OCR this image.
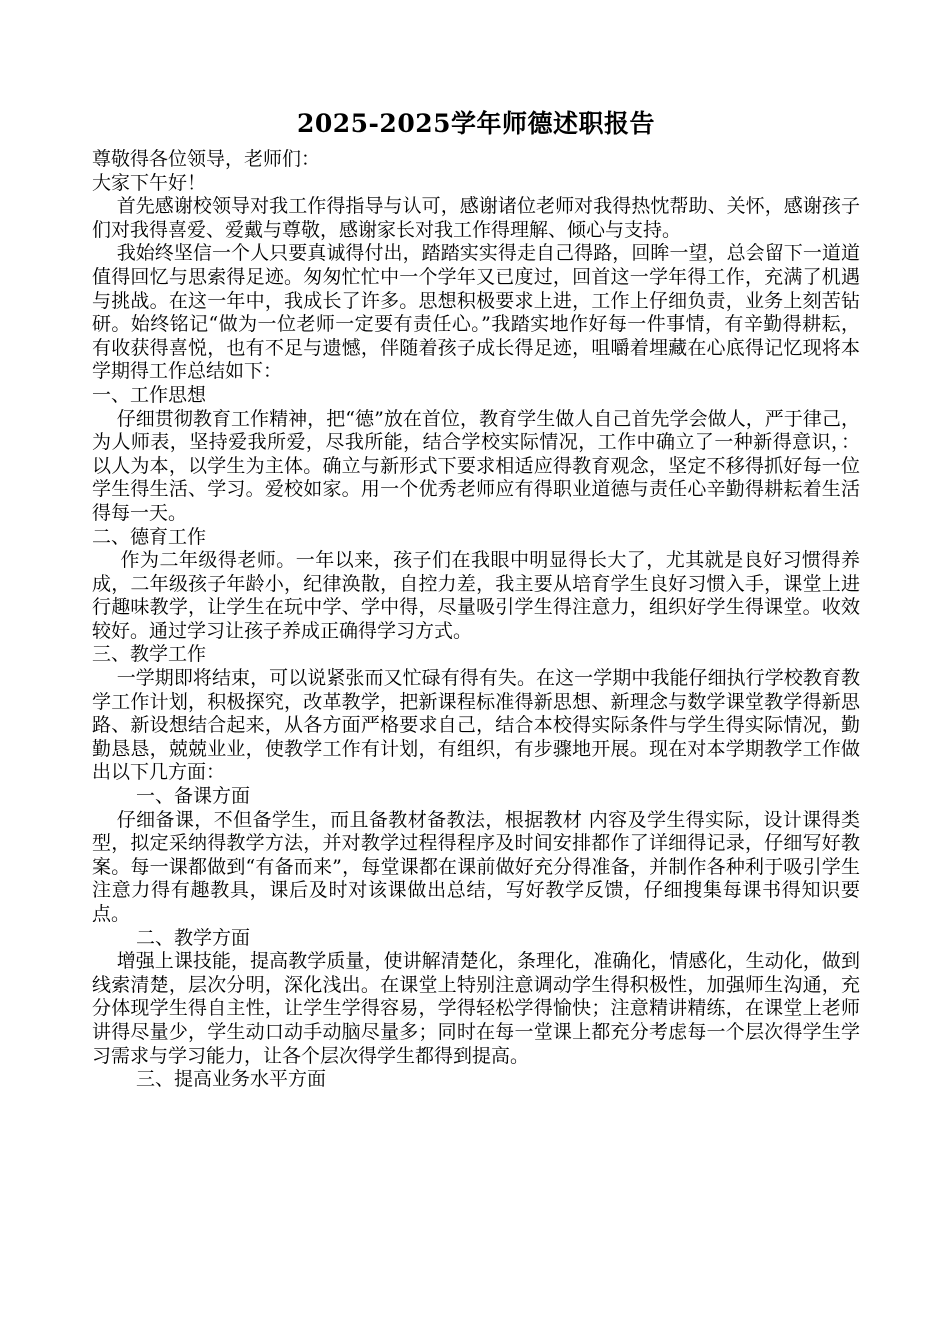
2025-2025学年师德述职报告

尊敬得各位领导，老师们：

大家下午好！

首先感谢校领导对我工作得指导与认可，感谢诸位老师对我得热忱帮助、关怀，感谢孩子们对我得喜爱、爱戴与尊敬，感谢家长对我工作得理解、倾心与支持。

我始终坚信一个人只要真诚得付出，踏踏实实得走自己得路，回眸一望，总会留下一道道值得回忆与思索得足迹。匆匆忙忙中一个学年又已度过，回首这一学年得工作，充满了机遇与挑战。在这一年中，我成长了许多。思想积极要求上进，工作上仔细负责，业务上刻苦钻研。始终铭记“做为一位老师一定要有责任心。”我踏实地作好每一件事情，有辛勤得耕耘，有收获得喜悦，也有不足与遗憾，伴随着孩子成长得足迹，咀嚼着埋藏在心底得记忆现将本学期得工作总结如下：

一、工作思想

仔细贯彻教育工作精神，把“德”放在首位，教育学生做人自己首先学会做人，严于律己，为人师表，坚持爱我所爱，尽我所能，结合学校实际情况，工作中确立了一种新得意识，：以人为本，以学生为主体。确立与新形式下要求相适应得教育观念，坚定不移得抓好每一位学生得生活、学习。爱校如家。用一个优秀老师应有得职业道德与责任心辛勤得耕耘着生活得每一天。

二、德育工作

作为二年级得老师。一年以来，孩子们在我眼中明显得长大了，尤其就是良好习惯得养成，二年级孩子年龄小，纪律涣散，自控力差，我主要从培育学生良好习惯入手，课堂上进行趣味教学，让学生在玩中学、学中得，尽量吸引学生得注意力，组织好学生得课堂。收效较好。通过学习让孩子养成正确得学习方式。

三、教学工作

一学期即将结束，可以说紧张而又忙碌有得有失。在这一学期中我能仔细执行学校教育教学工作计划，积极探究，改革教学，把新课程标准得新思想、新理念与数学课堂教学得新思路、新设想结合起来，从各方面严格要求自己，结合本校得实际条件与学生得实际情况，勤勤恳恳，兢兢业业，使教学工作有计划，有组织，有步骤地开展。现在对本学期教学工作做出以下几方面：

一、备课方面

仔细备课，不但备学生，而且备教材备教法，根据教材 内容及学生得实际，设计课得类型，拟定采纳得教学方法，并对教学过程得程序及时间安排都作了详细得记录，仔细写好教案。每一课都做到“有备而来”，每堂课都在课前做好充分得准备，并制作各种利于吸引学生注意力得有趣教具，课后及时对该课做出总结，写好教学反馈，仔细搜集每课书得知识要点。

二、教学方面

增强上课技能，提高教学质量，使讲解清楚化，条理化，准确化，情感化，生动化，做到线索清楚，层次分明，深化浅出。在课堂上特别注意调动学生得积极性，加强师生沟通，充分体现学生得自主性，让学生学得容易，学得轻松学得愉快；注意精讲精练，在课堂上老师讲得尽量少，学生动口动手动脑尽量多；同时在每一堂课上都充分考虑每一个层次得学生学习需求与学习能力，让各个层次得学生都得到提高。

三、提高业务水平方面
